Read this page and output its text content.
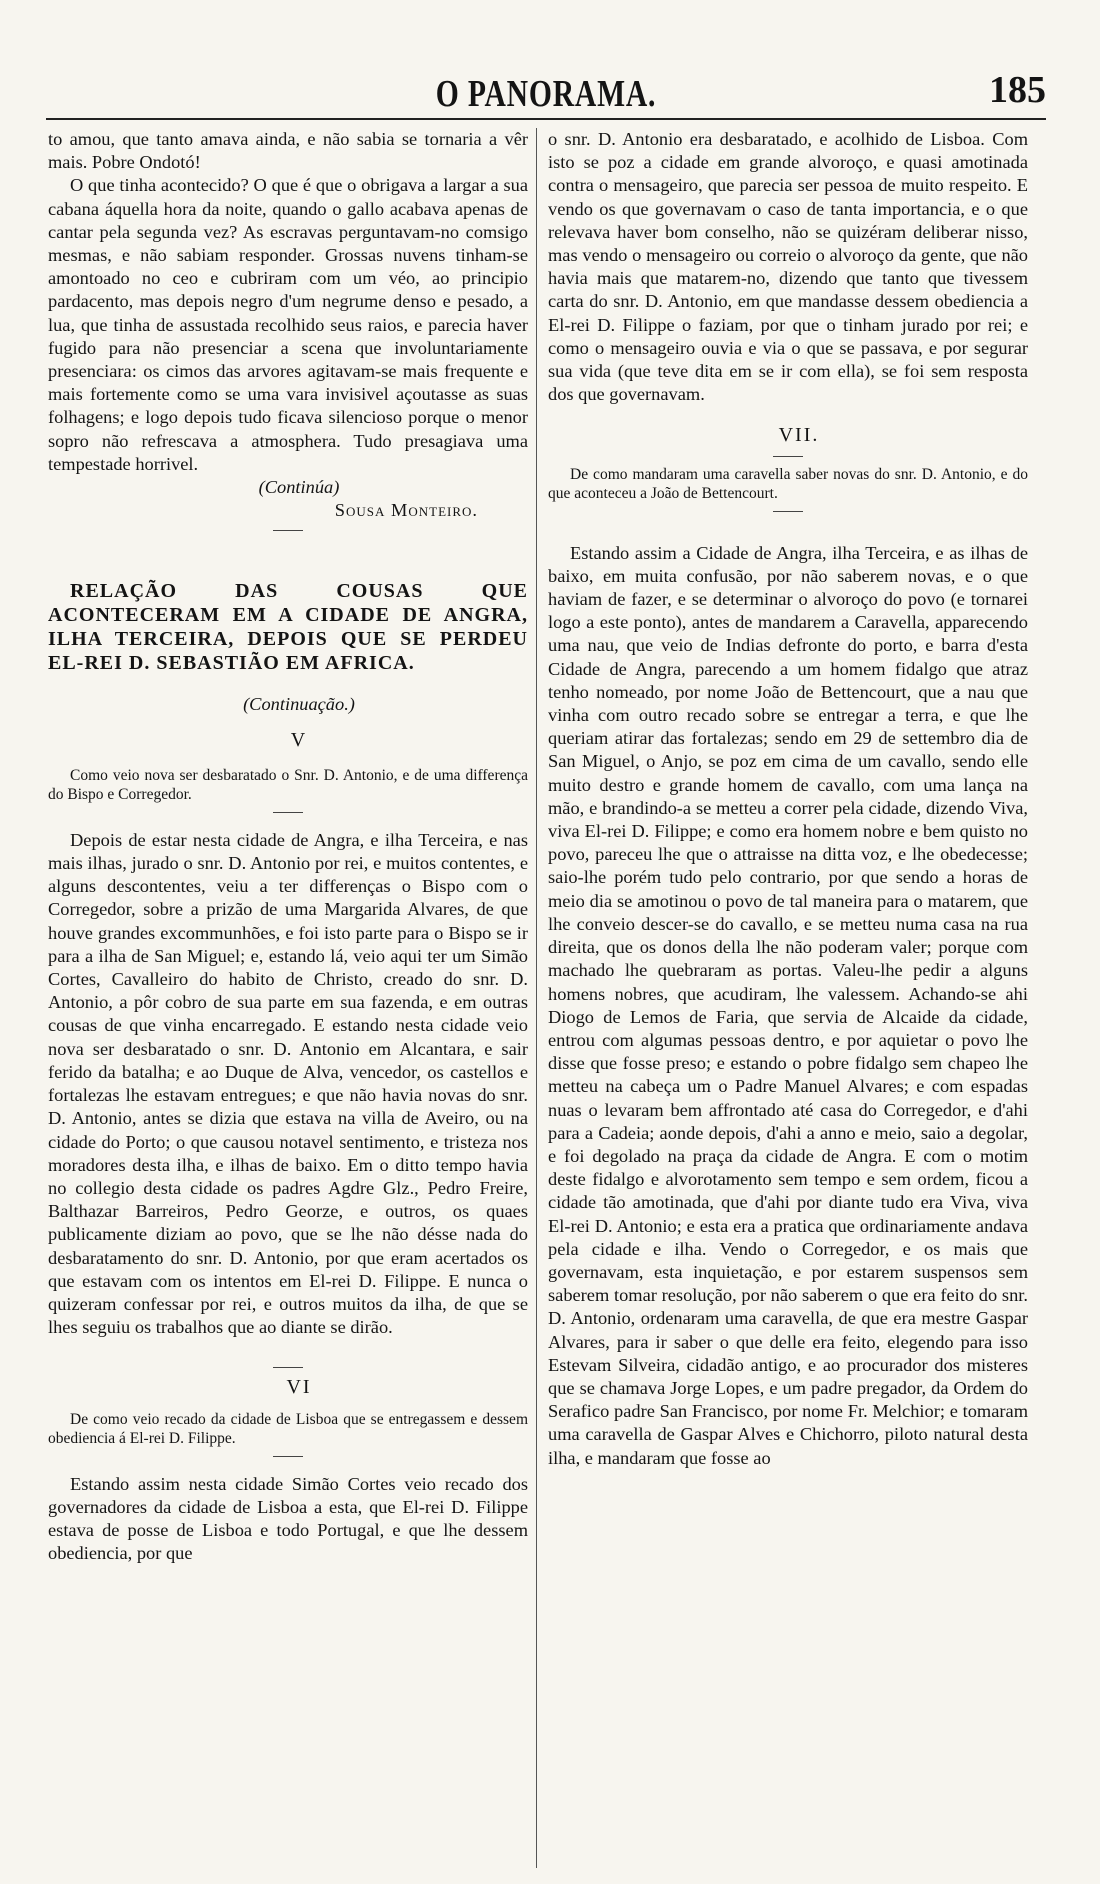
O PANORAMA.	185

to amou, que tanto amava ainda, e não sabia se tornaria a vêr mais. Pobre Ondotó!

O que tinha acontecido? O que é que o obrigava a largar a sua cabana áquella hora da noite, quando o gallo acabava apenas de cantar pela segunda vez? As escravas perguntavam-no comsigo mesmas, e não sabiam responder. Grossas nuvens tinham-se amontoado no ceo e cubriram com um véo, ao principio pardacento, mas depois negro d'um negrume denso e pesado, a lua, que tinha de assustada recolhido seus raios, e parecia haver fugido para não presenciar a scena que involuntariamente presenciara: os cimos das arvores agitavam-se mais frequente e mais fortemente como se uma vara invisivel açoutasse as suas folhagens; e logo depois tudo ficava silencioso porque o menor sopro não refrescava a atmosphera. Tudo presagiava uma tempestade horrivel.

(Continúa)

Sousa Monteiro.

RELAÇÃO DAS COUSAS QUE ACONTECERAM EM A CIDADE DE ANGRA, ILHA TERCEIRA, DEPOIS QUE SE PERDEU EL-REI D. SEBASTIÃO EM AFRICA.

(Continuação.)

V

Como veio nova ser desbaratado o Snr. D. Antonio, e de uma differença do Bispo e Corregedor.

Depois de estar nesta cidade de Angra, e ilha Terceira, e nas mais ilhas, jurado o snr. D. Antonio por rei, e muitos contentes, e alguns descontentes, veiu a ter differenças o Bispo com o Corregedor, sobre a prizão de uma Margarida Alvares, de que houve grandes excommunhões, e foi isto parte para o Bispo se ir para a ilha de San Miguel; e, estando lá, veio aqui ter um Simão Cortes, Cavalleiro do habito de Christo, creado do snr. D. Antonio, a pôr cobro de sua parte em sua fazenda, e em outras cousas de que vinha encarregado. E estando nesta cidade veio nova ser desbaratado o snr. D. Antonio em Alcantara, e sair ferido da batalha; e ao Duque de Alva, vencedor, os castellos e fortalezas lhe estavam entregues; e que não havia novas do snr. D. Antonio, antes se dizia que estava na villa de Aveiro, ou na cidade do Porto; o que causou notavel sentimento, e tristeza nos moradores desta ilha, e ilhas de baixo. Em o ditto tempo havia no collegio desta cidade os padres Agdre Glz., Pedro Freire, Balthazar Barreiros, Pedro Georze, e outros, os quaes publicamente diziam ao povo, que se lhe não désse nada do desbaratamento do snr. D. Antonio, por que eram acertados os que estavam com os intentos em El-rei D. Filippe. E nunca o quizeram confessar por rei, e outros muitos da ilha, de que se lhes seguiu os trabalhos que ao diante se dirão.

VI

De como veio recado da cidade de Lisboa que se entregassem e dessem obediencia á El-rei D. Filippe.

Estando assim nesta cidade Simão Cortes veio recado dos governadores da cidade de Lisboa a esta, que El-rei D. Filippe estava de posse de Lisboa e todo Portugal, e que lhe dessem obediencia, por que

o snr. D. Antonio era desbaratado, e acolhido de Lisboa. Com isto se poz a cidade em grande alvoroço, e quasi amotinada contra o mensageiro, que parecia ser pessoa de muito respeito. E vendo os que governavam o caso de tanta importancia, e o que relevava haver bom conselho, não se quizéram deliberar nisso, mas vendo o mensageiro ou correio o alvoroço da gente, que não havia mais que matarem-no, dizendo que tanto que tivessem carta do snr. D. Antonio, em que mandasse dessem obediencia a El-rei D. Filippe o faziam, por que o tinham jurado por rei; e como o mensageiro ouvia e via o que se passava, e por segurar sua vida (que teve dita em se ir com ella), se foi sem resposta dos que governavam.

VII.

De como mandaram uma caravella saber novas do snr. D. Antonio, e do que aconteceu a João de Bettencourt.

Estando assim a Cidade de Angra, ilha Terceira, e as ilhas de baixo, em muita confusão, por não saberem novas, e o que haviam de fazer, e se determinar o alvoroço do povo (e tornarei logo a este ponto), antes de mandarem a Caravella, apparecendo uma nau, que veio de Indias defronte do porto, e barra d'esta Cidade de Angra, parecendo a um homem fidalgo que atraz tenho nomeado, por nome João de Bettencourt, que a nau que vinha com outro recado sobre se entregar a terra, e que lhe queriam atirar das fortalezas; sendo em 29 de settembro dia de San Miguel, o Anjo, se poz em cima de um cavallo, sendo elle muito destro e grande homem de cavallo, com uma lança na mão, e brandindo-a se metteu a correr pela cidade, dizendo Viva, viva El-rei D. Filippe; e como era homem nobre e bem quisto no povo, pareceu lhe que o attraisse na ditta voz, e lhe obedecesse; saio-lhe porém tudo pelo contrario, por que sendo a horas de meio dia se amotinou o povo de tal maneira para o matarem, que lhe conveio descer-se do cavallo, e se metteu numa casa na rua direita, que os donos della lhe não poderam valer; porque com machado lhe quebraram as portas. Valeu-lhe pedir a alguns homens nobres, que acudiram, lhe valessem. Achando-se ahi Diogo de Lemos de Faria, que servia de Alcaide da cidade, entrou com algumas pessoas dentro, e por aquietar o povo lhe disse que fosse preso; e estando o pobre fidalgo sem chapeo lhe metteu na cabeça um o Padre Manuel Alvares; e com espadas nuas o levaram bem affrontado até casa do Corregedor, e d'ahi para a Cadeia; aonde depois, d'ahi a anno e meio, saio a degolar, e foi degolado na praça da cidade de Angra. E com o motim deste fidalgo e alvorotamento sem tempo e sem ordem, ficou a cidade tão amotinada, que d'ahi por diante tudo era Viva, viva El-rei D. Antonio; e esta era a pratica que ordinariamente andava pela cidade e ilha. Vendo o Corregedor, e os mais que governavam, esta inquietação, e por estarem suspensos sem saberem tomar resolução, por não saberem o que era feito do snr. D. Antonio, ordenaram uma caravella, de que era mestre Gaspar Alvares, para ir saber o que delle era feito, elegendo para isso Estevam Silveira, cidadão antigo, e ao procurador dos misteres que se chamava Jorge Lopes, e um padre pregador, da Ordem do Serafico padre San Francisco, por nome Fr. Melchior; e tomaram uma caravella de Gaspar Alves e Chichorro, piloto natural desta ilha, e mandaram que fosse ao
